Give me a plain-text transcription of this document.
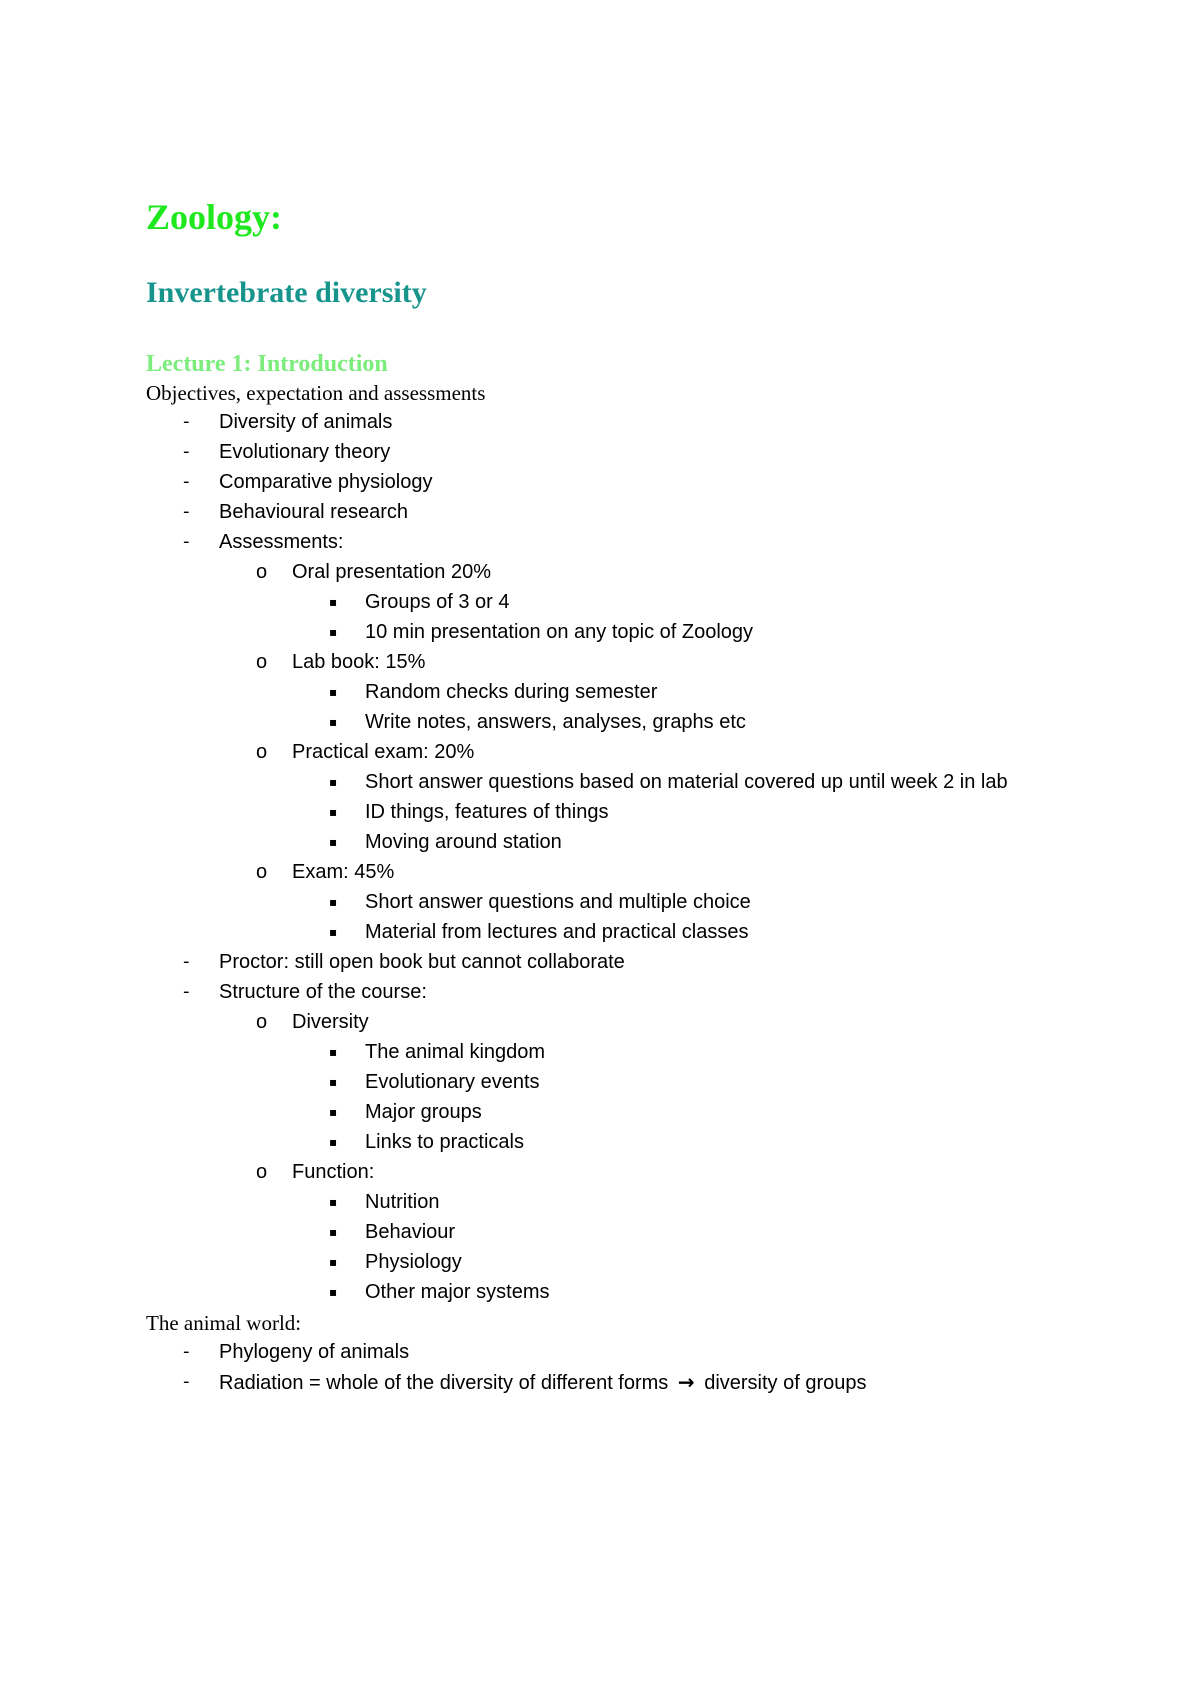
Zoology:
Invertebrate diversity
Lecture 1: Introduction
Objectives, expectation and assessments
- Diversity of animals
- Evolutionary theory
- Comparative physiology
- Behavioural research
- Assessments:
o Oral presentation 20%
▪ Groups of 3 or 4
▪ 10 min presentation on any topic of Zoology
o Lab book: 15%
▪ Random checks during semester
▪ Write notes, answers, analyses, graphs etc
o Practical exam: 20%
▪ Short answer questions based on material covered up until week 2 in lab
▪ ID things, features of things
▪ Moving around station
o Exam: 45%
▪ Short answer questions and multiple choice
▪ Material from lectures and practical classes
- Proctor: still open book but cannot collaborate
- Structure of the course:
o Diversity
▪ The animal kingdom
▪ Evolutionary events
▪ Major groups
▪ Links to practicals
o Function:
▪ Nutrition
▪ Behaviour
▪ Physiology
▪ Other major systems
The animal world:
- Phylogeny of animals
- Radiation = whole of the diversity of different forms → diversity of groups
